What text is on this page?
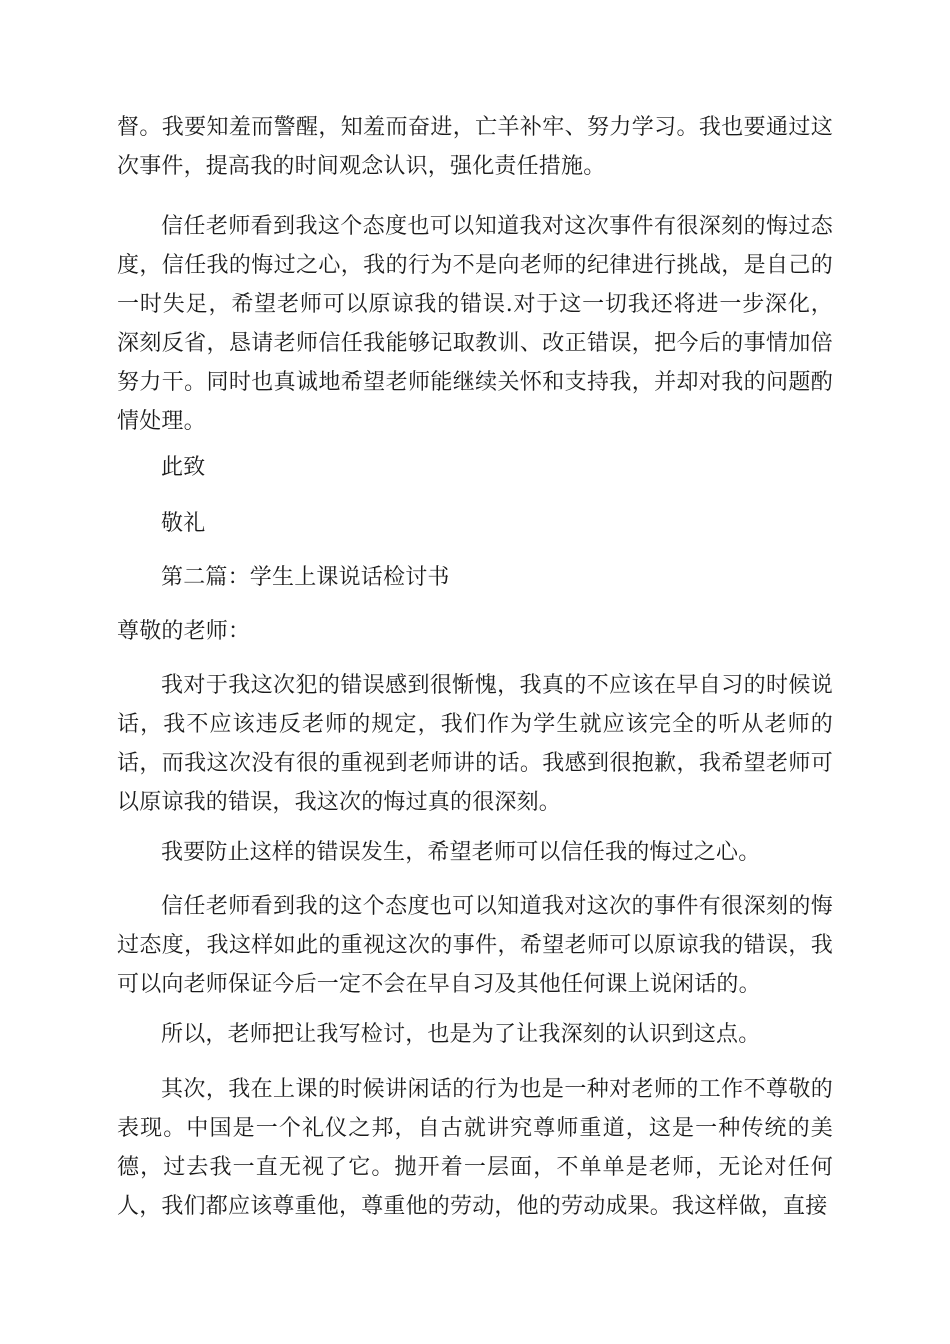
督。我要知羞而警醒，知羞而奋进，亡羊补牢、努力学习。我也要通过这次事件，提高我的时间观念认识，强化责任措施。

信任老师看到我这个态度也可以知道我对这次事件有很深刻的悔过态度，信任我的悔过之心，我的行为不是向老师的纪律进行挑战，是自己的一时失足，希望老师可以原谅我的错误.对于这一切我还将进一步深化，深刻反省，恳请老师信任我能够记取教训、改正错误，把今后的事情加倍努力干。同时也真诚地希望老师能继续关怀和支持我，并却对我的问题酌情处理。

此致

敬礼

第二篇：学生上课说话检讨书

尊敬的老师：

我对于我这次犯的错误感到很惭愧，我真的不应该在早自习的时候说话，我不应该违反老师的规定，我们作为学生就应该完全的听从老师的话，而我这次没有很的重视到老师讲的话。我感到很抱歉，我希望老师可以原谅我的错误，我这次的悔过真的很深刻。

我要防止这样的错误发生，希望老师可以信任我的悔过之心。

信任老师看到我的这个态度也可以知道我对这次的事件有很深刻的悔过态度，我这样如此的重视这次的事件，希望老师可以原谅我的错误，我可以向老师保证今后一定不会在早自习及其他任何课上说闲话的。

所以，老师把让我写检讨，也是为了让我深刻的认识到这点。

其次，我在上课的时候讲闲话的行为也是一种对老师的工作不尊敬的表现。中国是一个礼仪之邦，自古就讲究尊师重道，这是一种传统的美德，过去我一直无视了它。抛开着一层面，不单单是老师，无论对任何人，我们都应该尊重他，尊重他的劳动，他的劳动成果。我这样做，直接
